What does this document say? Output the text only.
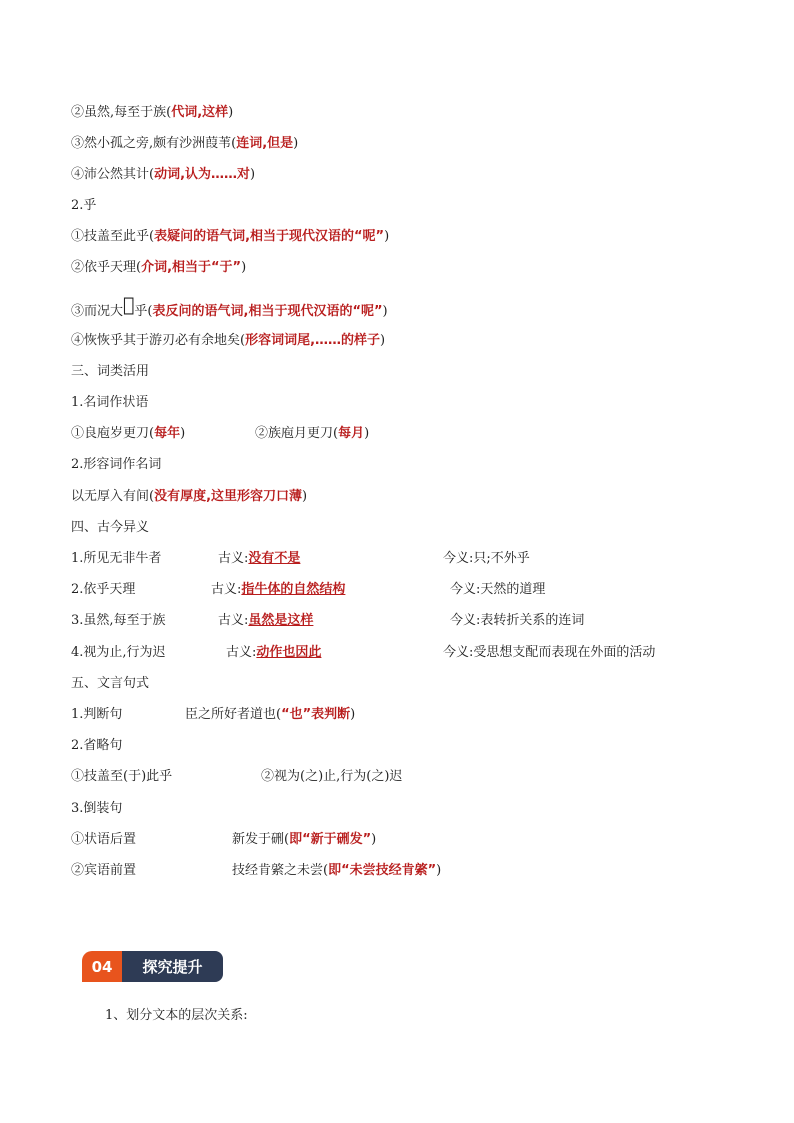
②虽然,每至于族(代词,这样)
③然小孤之旁,颇有沙洲葭苇(连词,但是)
④沛公然其计(动词,认为……对)
2.乎
①技盖至此乎(表疑问的语气词,相当于现代汉语的“呢”)
②依乎天理(介词,相当于“于”)
③而况大𫜉乎(表反问的语气词,相当于现代汉语的“呢”)
④恢恢乎其于游刃必有余地矣(形容词词尾,……的样子)
三、词类活用
1.名词作状语
①良庖岁更刀(每年)	②族庖月更刀(每月)
2.形容词作名词
以无厚入有间(没有厚度,这里形容刀口薄)
四、古今异义
1.所见无非牛者	古义:没有不是	今义:只;不外乎
2.依乎天理	古义:指牛体的自然结构	今义:天然的道理
3.虽然,每至于族	古义:虽然是这样	今义:表转折关系的连词
4.视为止,行为迟	古义:动作也因此	今义:受思想支配而表现在外面的活动
五、文言句式
1.判断句	臣之所好者道也(“也”表判断)
2.省略句
①技盖至(于)此乎	②视为(之)止,行为(之)迟
3.倒装句
①状语后置	新发于硎(即“新于硎发”)
②宾语前置	技经肯綮之未尝(即“未尝技经肯綮”)
04	探究提升
1、划分文本的层次关系:
